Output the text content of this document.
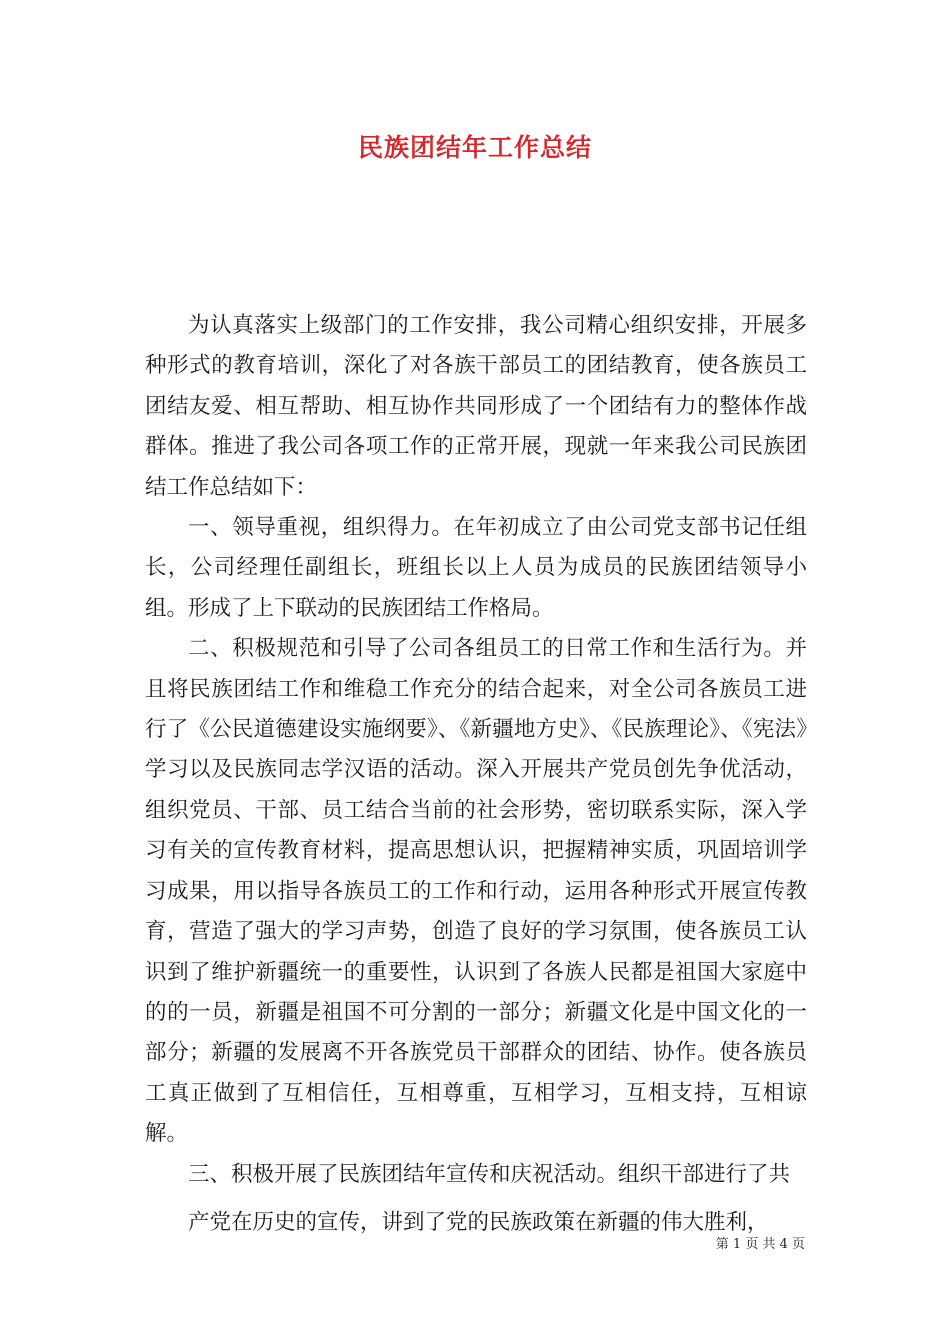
民族团结年工作总结

为认真落实上级部门的工作安排，我公司精心组织安排，开展多种形式的教育培训，深化了对各族干部员工的团结教育，使各族员工团结友爱、相互帮助、相互协作共同形成了一个团结有力的整体作战群体。推进了我公司各项工作的正常开展，现就一年来我公司民族团结工作总结如下：

一、领导重视，组织得力。在年初成立了由公司党支部书记任组长，公司经理任副组长，班组长以上人员为成员的民族团结领导小组。形成了上下联动的民族团结工作格局。

二、积极规范和引导了公司各组员工的日常工作和生活行为。并且将民族团结工作和维稳工作充分的结合起来，对全公司各族员工进行了《公民道德建设实施纲要》、《新疆地方史》、《民族理论》、《宪法》学习以及民族同志学汉语的活动。深入开展共产党员创先争优活动，组织党员、干部、员工结合当前的社会形势，密切联系实际，深入学习有关的宣传教育材料，提高思想认识，把握精神实质，巩固培训学习成果，用以指导各族员工的工作和行动，运用各种形式开展宣传教育，营造了强大的学习声势，创造了良好的学习氛围，使各族员工认识到了维护新疆统一的重要性，认识到了各族人民都是祖国大家庭中的的一员，新疆是祖国不可分割的一部分；新疆文化是中国文化的一部分；新疆的发展离不开各族党员干部群众的团结、协作。使各族员工真正做到了互相信任，互相尊重，互相学习，互相支持，互相谅解。

三、积极开展了民族团结年宣传和庆祝活动。组织干部进行了共

产党在历史的宣传，讲到了党的民族政策在新疆的伟大胜利，

第 1 页 共 4 页
